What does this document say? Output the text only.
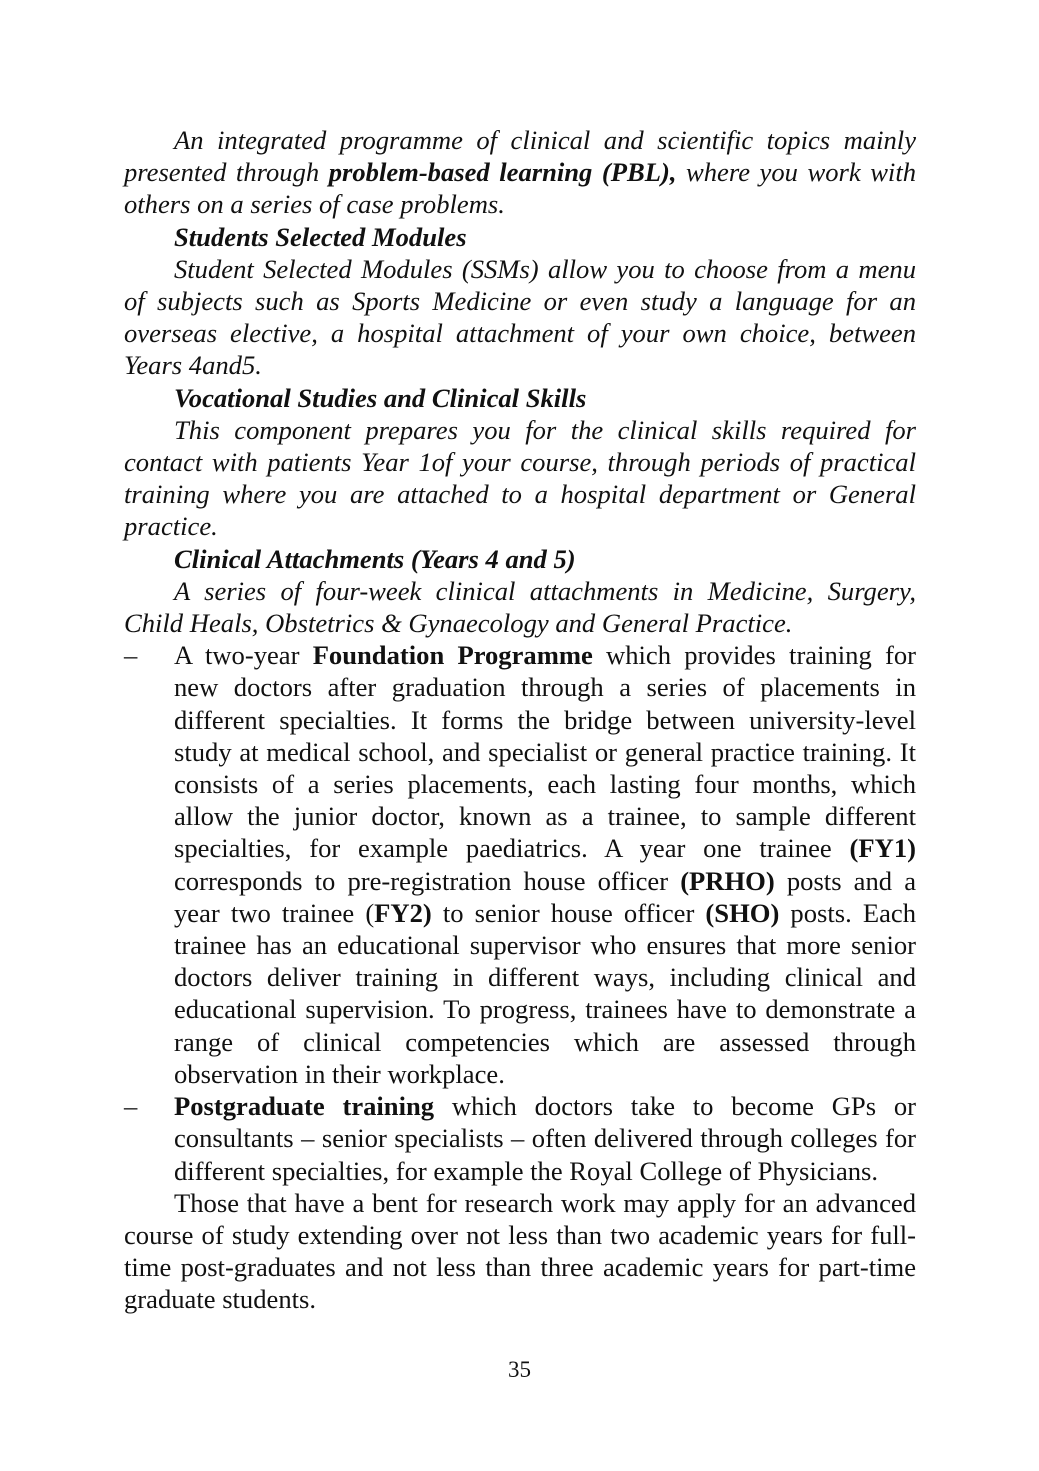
An integrated programme of clinical and scientific topics mainly presented through problem-based learning (PBL), where you work with others on a series of case problems.

Students Selected Modules

Student Selected Modules (SSMs) allow you to choose from a menu of subjects such as Sports Medicine or even study a language for an overseas elective, a hospital attachment of your own choice, between Years 4and5.

Vocational Studies and Clinical Skills

This component prepares you for the clinical skills required for contact with patients Year 1of your course, through periods of practical training where you are attached to a hospital department or General practice.

Clinical Attachments (Years 4 and 5)

A series of four-week clinical attachments in Medicine, Surgery, Child Heals, Obstetrics & Gynaecology and General Practice.

– A two-year Foundation Programme which provides training for new doctors after graduation through a series of placements in different specialties. It forms the bridge between university-level study at medical school, and specialist or general practice training. It consists of a series placements, each lasting four months, which allow the junior doctor, known as a trainee, to sample different specialties, for example paediatrics. A year one trainee (FY1) corresponds to pre-registration house officer (PRHO) posts and a year two trainee (FY2) to senior house officer (SHO) posts. Each trainee has an educational supervisor who ensures that more senior doctors deliver training in different ways, including clinical and educational supervision. To progress, trainees have to demonstrate a range of clinical competencies which are assessed through observation in their workplace.
– Postgraduate training which doctors take to become GPs or consultants – senior specialists – often delivered through colleges for different specialties, for example the Royal College of Physicians.

Those that have a bent for research work may apply for an advanced course of study extending over not less than two academic years for full-time post-graduates and not less than three academic years for part-time graduate students.

35
